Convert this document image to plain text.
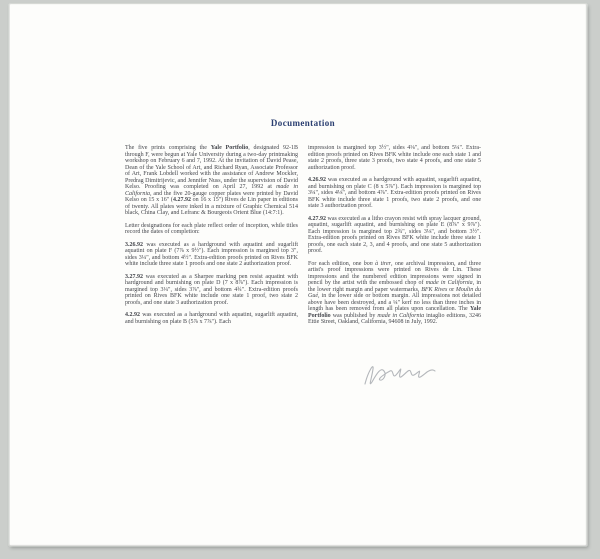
Documentation

The five prints comprising the Yale Portfolio, designated 92-1B through F, were begun at Yale University during a two-day printmaking workshop on February 6 and 7, 1992. At the invitation of David Pease, Dean of the Yale School of Art, and Richard Ryan, Associate Professor of Art, Frank Lobdell worked with the assistance of Andrew Mockler, Predrag Dimitrijevic, and Jennifer Nuss, under the supervision of David Kelso. Proofing was completed on April 27, 1992 at made in California, and the five 20-gauge copper plates were printed by David Kelso on 15 x 16" (4.27.92 on 16 x 15") Rives de Lin paper in editions of twenty. All plates were inked in a mixture of Graphic Chemical 514 black, China Clay, and Lefranc & Bourgeois Orient Blue (14:7:1).

Letter designations for each plate reflect order of inception, while titles record the dates of completion:

3.26.92 was executed as a hardground with aquatint and sugarlift aquatint on plate F (7⅞ x 9½"). Each impression is margined top 3", sides 3¼", and bottom 4½". Extra-edition proofs printed on Rives BFK white include three state 1 proofs and one state 2 authorization proof.

3.27.92 was executed as a Sharpee marking pen resist aquatint with hardground and burnishing on plate D (7 x 8⅞"). Each impression is margined top 3¼", sides 3⅞", and bottom 4¾". Extra-edition proofs printed on Rives BFK white include one state 1 proof, two state 2 proofs, and one state 3 authorization proof.

4.2.92 was executed as a hardground with aquatint, sugarlift aquatint, and burnishing on plate B (5⅞ x 7⅞"). Each

impression is margined top 3½", sides 4⅛", and bottom 5¼". Extra-edition proofs printed on Rives BFK white include one each state 1 and state 2 proofs, three state 3 proofs, two state 4 proofs, and one state 5 authorization proof.

4.26.92 was executed as a hardground with aquatint, sugarlift aquatint, and burnishing on plate C (8 x 5⅞"). Each impression is margined top 3¼", sides 4⅛", and bottom 4⅞". Extra-edition proofs printed on Rives BFK white include three state 1 proofs, two state 2 proofs, and one state 3 authorization proof.

4.27.92 was executed as a litho crayon resist with spray lacquer ground, aquatint, sugarlift aquatint, and burnishing on plate E (8⅞" x 9⅞"). Each impression is margined top 2¾", sides 3⅛", and bottom 3½". Extra-edition proofs printed on Rives BFK white include three state 1 proofs, one each state 2, 3, and 4 proofs, and one state 5 authorization proof.

For each edition, one bon à tirer, one archival impression, and three artist's proof impressions were printed on Rives de Lin. These impressions and the numbered edition impressions were signed in pencil by the artist with the embossed chop of made in California, in the lower right margin and paper watermarks, BFK Rives or Moulin du Gué, in the lower side or bottom margin. All impressions not detailed above have been destroyed, and a ¼" kerf no less than three inches in length has been removed from all plates upon cancellation. The Yale Portfolio was published by made in California intaglio editions, 3246 Ettie Street, Oakland, California, 94608 in July, 1992.
